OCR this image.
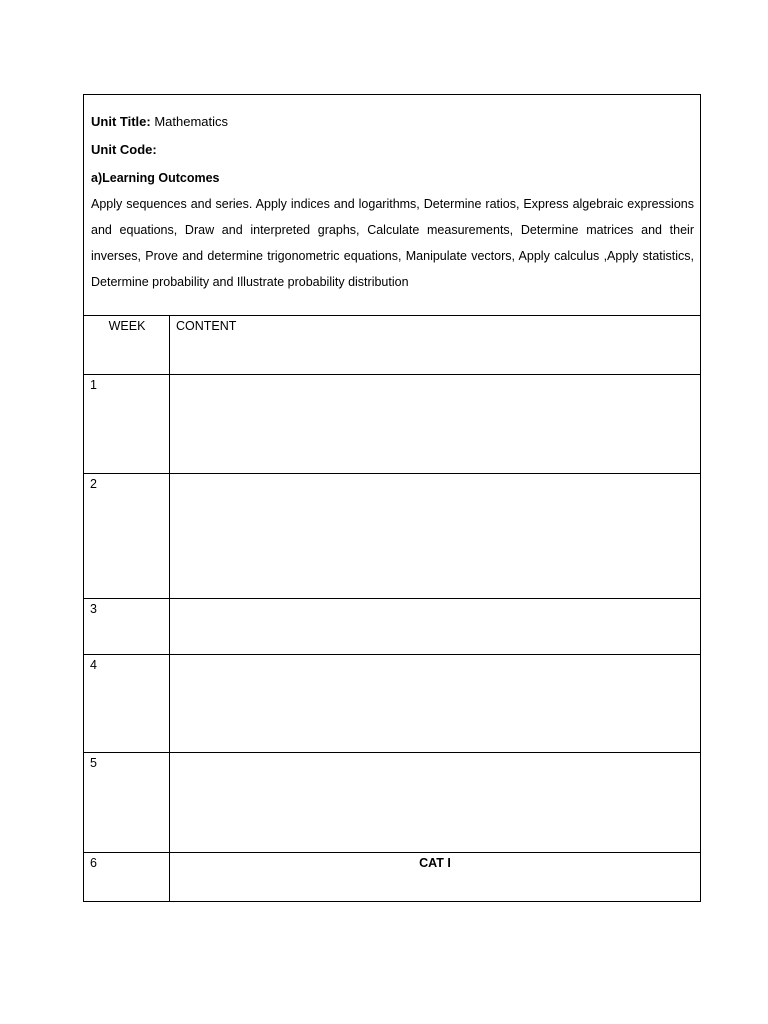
Unit Title: Mathematics
Unit Code:
a)Learning Outcomes

Apply sequences and series. Apply indices and logarithms, Determine ratios, Express algebraic expressions and equations, Draw and interpreted graphs, Calculate measurements, Determine matrices and their inverses, Prove and determine trigonometric equations, Manipulate vectors, Apply calculus ,Apply statistics, Determine probability and Illustrate probability distribution

WEEK	CONTENT
1
2
3
4
5
6	CAT I
